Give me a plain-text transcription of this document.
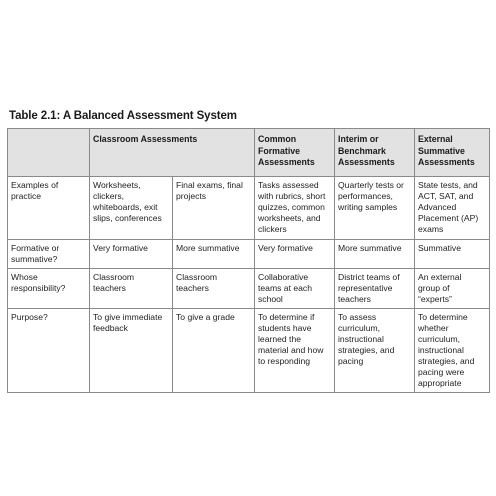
Table 2.1: A Balanced Assessment System
	Classroom Assessments		Common Formative Assessments	Interim or Benchmark Assessments	External Summative Assessments
Examples of practice	Worksheets, clickers, whiteboards, exit slips, conferences	Final exams, final projects	Tasks assessed with rubrics, short quizzes, common worksheets, and clickers	Quarterly tests or performances, writing samples	State tests, and ACT, SAT, and Advanced Placement (AP) exams
Formative or summative?	Very formative	More summative	Very formative	More summative	Summative
Whose responsibility?	Classroom teachers	Classroom teachers	Collaborative teams at each school	District teams of representative teachers	An external group of “experts”
Purpose?	To give immediate feedback	To give a grade	To determine if students have learned the material and how to responding	To assess curriculum, instructional strategies, and pacing	To determine whether curriculum, instructional strategies, and pacing were appropriate
